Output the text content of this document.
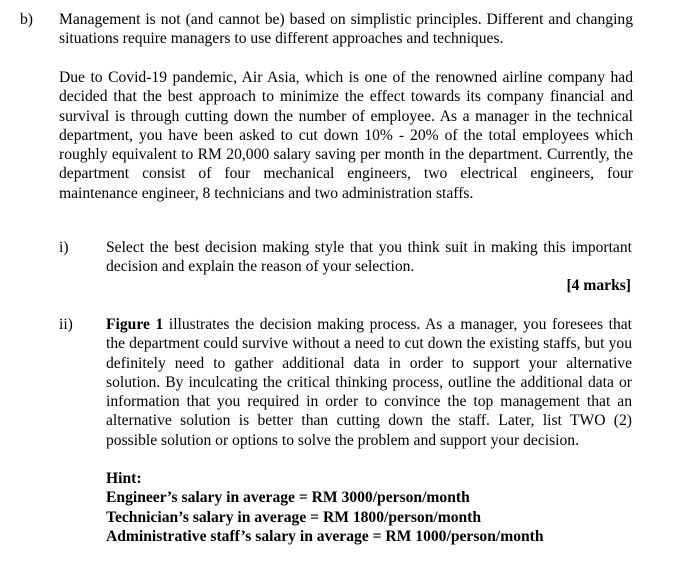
b) Management is not (and cannot be) based on simplistic principles. Different and changing situations require managers to use different approaches and techniques.

Due to Covid-19 pandemic, Air Asia, which is one of the renowned airline company had decided that the best approach to minimize the effect towards its company financial and survival is through cutting down the number of employee. As a manager in the technical department, you have been asked to cut down 10% - 20% of the total employees which roughly equivalent to RM 20,000 salary saving per month in the department. Currently, the department consist of four mechanical engineers, two electrical engineers, four maintenance engineer, 8 technicians and two administration staffs.

i) Select the best decision making style that you think suit in making this important decision and explain the reason of your selection.

[4 marks]
ii) Figure 1 illustrates the decision making process. As a manager, you foresees that the department could survive without a need to cut down the existing staffs, but you definitely need to gather additional data in order to support your alternative solution. By inculcating the critical thinking process, outline the additional data or information that you required in order to convince the top management that an alternative solution is better than cutting down the staff. Later, list TWO (2) possible solution or options to solve the problem and support your decision.

Hint:
Engineer’s salary in average = RM 3000/person/month
Technician’s salary in average = RM 1800/person/month
Administrative staff’s salary in average = RM 1000/person/month
